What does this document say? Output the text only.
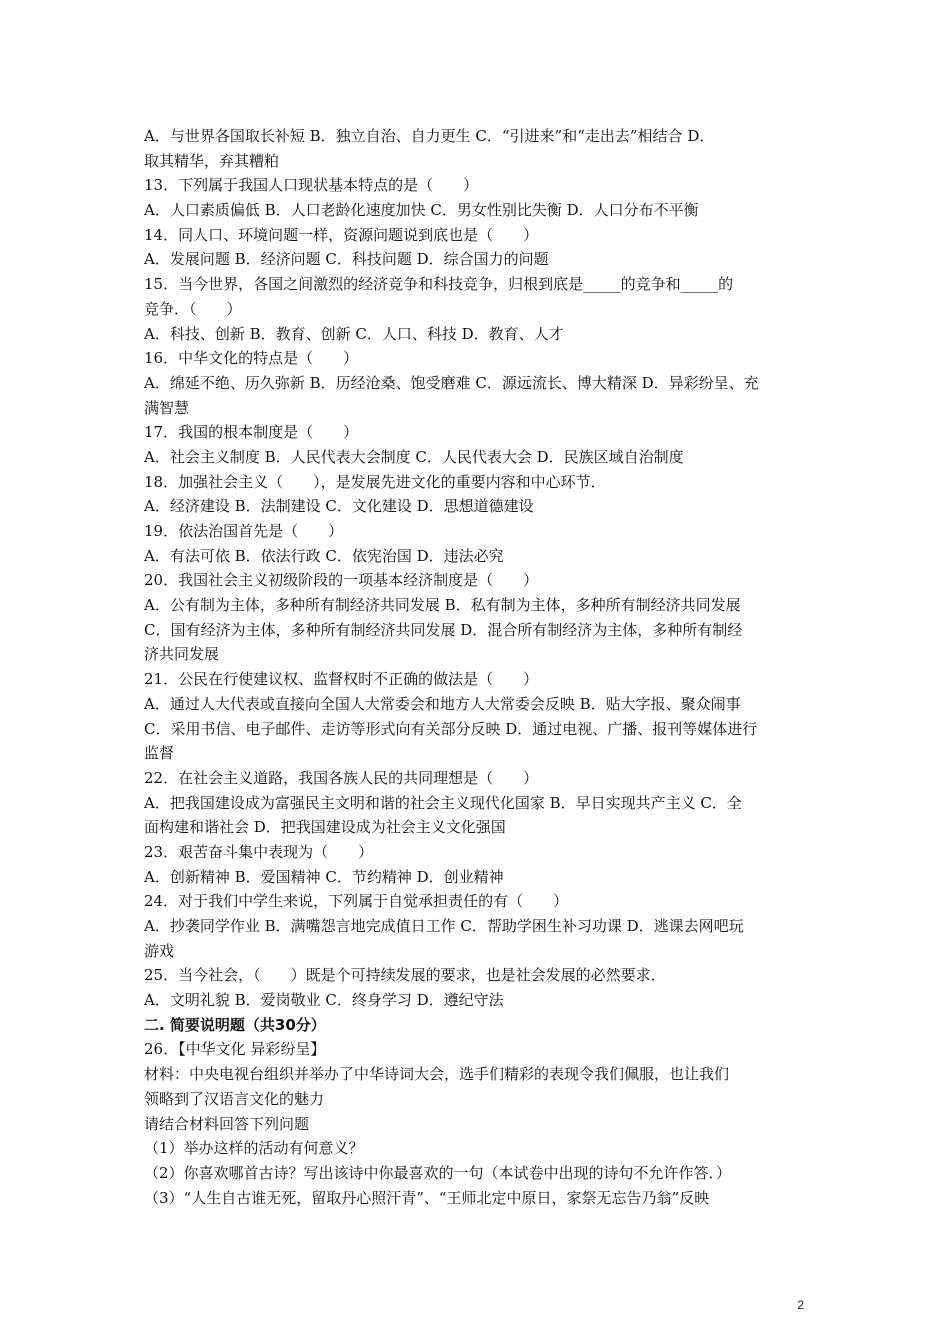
A．与世界各国取长补短 B．独立自治、自力更生 C．“引进来”和“走出去”相结合 D．
取其精华，弃其糟粕
13．下列属于我国人口现状基本特点的是（　　）
A．人口素质偏低 B．人口老龄化速度加快 C．男女性别比失衡 D．人口分布不平衡
14．同人口、环境问题一样，资源问题说到底也是（　　）
A．发展问题 B．经济问题 C．科技问题 D．综合国力的问题
15．当今世界，各国之间激烈的经济竞争和科技竞争，归根到底是_____的竞争和_____的
竞争．（　　）
A．科技、创新 B．教育、创新 C．人口、科技 D．教育、人才
16．中华文化的特点是（　　）
A．绵延不绝、历久弥新 B．历经沧桑、饱受磨难 C．源远流长、博大精深 D．异彩纷呈、充
满智慧
17．我国的根本制度是（　　）
A．社会主义制度 B．人民代表大会制度 C．人民代表大会 D．民族区域自治制度
18．加强社会主义（　　），是发展先进文化的重要内容和中心环节．
A．经济建设 B．法制建设 C．文化建设 D．思想道德建设
19．依法治国首先是（　　）
A．有法可依 B．依法行政 C．依宪治国 D．违法必究
20．我国社会主义初级阶段的一项基本经济制度是（　　）
A．公有制为主体，多种所有制经济共同发展 B．私有制为主体，多种所有制经济共同发展
C．国有经济为主体，多种所有制经济共同发展 D．混合所有制经济为主体，多种所有制经
济共同发展
21．公民在行使建议权、监督权时不正确的做法是（　　）
A．通过人大代表或直接向全国人大常委会和地方人大常委会反映 B．贴大字报、聚众闹事
C．采用书信、电子邮件、走访等形式向有关部分反映 D．通过电视、广播、报刊等媒体进行
监督
22．在社会主义道路，我国各族人民的共同理想是（　　）
A．把我国建设成为富强民主文明和谐的社会主义现代化国家 B．早日实现共产主义 C．全
面构建和谐社会 D．把我国建设成为社会主义文化强国
23．艰苦奋斗集中表现为（　　）
A．创新精神 B．爱国精神 C．节约精神 D．创业精神
24．对于我们中学生来说，下列属于自觉承担责任的有（　　）
A．抄袭同学作业 B．满嘴怨言地完成值日工作 C．帮助学困生补习功课 D．逃课去网吧玩
游戏
25．当今社会，（　　）既是个可持续发展的要求，也是社会发展的必然要求．
A．文明礼貌 B．爱岗敬业 C．终身学习 D．遵纪守法
二. 简要说明题（共30分）
26．【中华文化 异彩纷呈】
材料：中央电视台组织并举办了中华诗词大会，选手们精彩的表现令我们佩服，也让我们
领略到了汉语言文化的魅力
请结合材料回答下列问题
（1）举办这样的活动有何意义？
（2）你喜欢哪首古诗？写出该诗中你最喜欢的一句（本试卷中出现的诗句不允许作答．）
（3）“人生自古谁无死，留取丹心照汗青”、“王师北定中原日，家祭无忘告乃翁”反映
2
